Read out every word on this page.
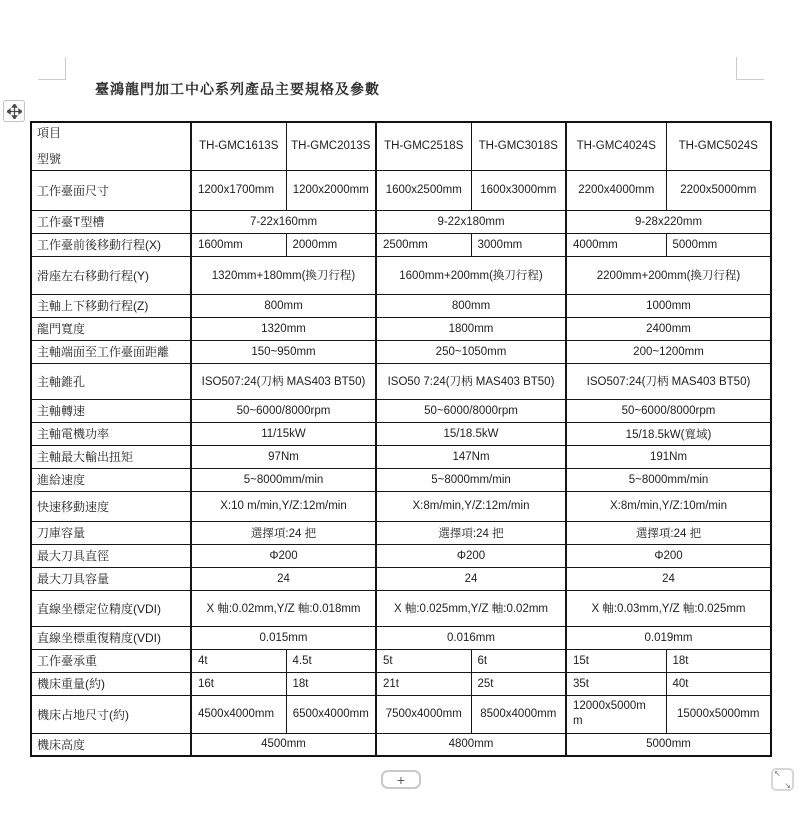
臺鴻龍門加工中心系列產品主要規格及參數
項目
型號	TH-GMC1613S	TH-GMC2013S	TH-GMC2518S	TH-GMC3018S	TH-GMC4024S	TH-GMC5024S
工作臺面尺寸	1200x1700mm	1200x2000mm	1600x2500mm	1600x3000mm	2200x4000mm	2200x5000mm
工作臺T型槽	7-22x160mm		9-22x180mm		9-28x220mm	
工作臺前後移動行程(X)	1600mm	2000mm	2500mm	3000mm	4000mm	5000mm
滑座左右移動行程(Y)	1320mm+180mm(換刀行程)		1600mm+200mm(換刀行程)		2200mm+200mm(換刀行程)	
主軸上下移動行程(Z)	800mm		800mm		1000mm	
龍門寬度	1320mm		1800mm		2400mm	
主軸端面至工作臺面距離	150~950mm		250~1050mm		200~1200mm	
主軸錐孔	ISO507:24(刀柄 MAS403 BT50)		ISO50 7:24(刀柄 MAS403 BT50)		ISO507:24(刀柄 MAS403 BT50)	
主軸轉速	50~6000/8000rpm		50~6000/8000rpm		50~6000/8000rpm	
主軸電機功率	11/15kW		15/18.5kW		15/18.5kW(寬域)	
主軸最大輸出扭矩	97Nm		147Nm		191Nm	
進給速度	5~8000mm/min		5~8000mm/min		5~8000mm/min	
快速移動速度	X:10 m/min,Y/Z:12m/min		X:8m/min,Y/Z:12m/min		X:8m/min,Y/Z:10m/min	
刀庫容量	選擇項:24 把		選擇項:24 把		選擇項:24 把	
最大刀具直徑	Φ200		Φ200		Φ200	
最大刀具容量	24		24		24	
直線坐標定位精度(VDI)	X 軸:0.02mm,Y/Z 軸:0.018mm		X 軸:0.025mm,Y/Z 軸:0.02mm		X 軸:0.03mm,Y/Z 軸:0.025mm	
直線坐標重復精度(VDI)	0.015mm		0.016mm		0.019mm	
工作臺承重	4t	4.5t	5t	6t	15t	18t
機床重量(約)	16t	18t	21t	25t	35t	40t
機床占地尺寸(約)	4500x4000mm	6500x4000mm	7500x4000mm	8500x4000mm	12000x5000mm	15000x5000mm
機床高度	4500mm		4800mm		5000mm	
+	↖
↘
